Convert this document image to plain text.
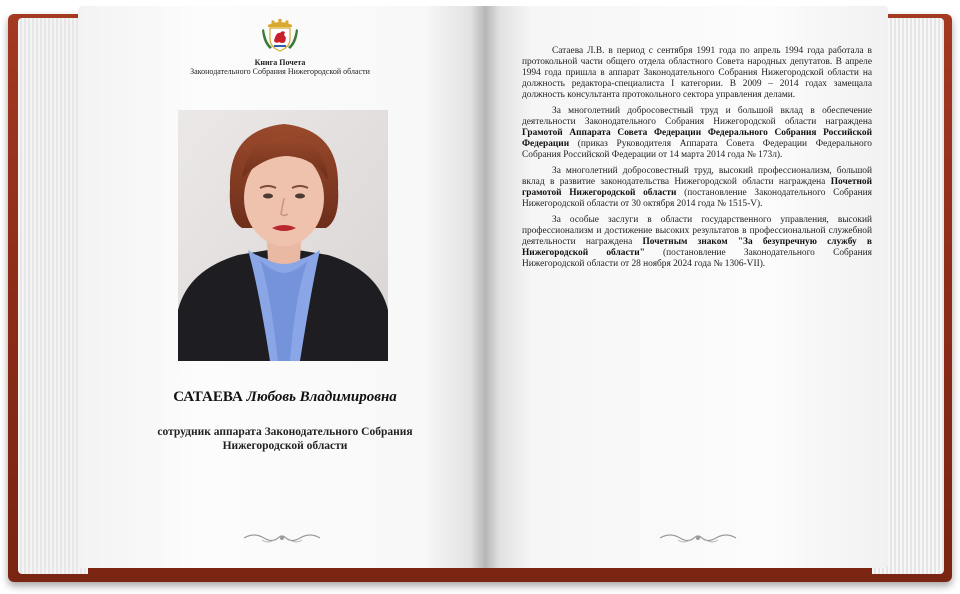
Книга Почета
Законодательного Собрания Нижегородской области
САТАЕВА Любовь Владимировна
сотрудник аппарата Законодательного Собрания Нижегородской области

Сатаева Л.В. в период с сентября 1991 года по апрель 1994 года работала в протокольной части общего отдела областного Совета народных депутатов. В апреле 1994 года пришла в аппарат Законодательного Собрания Нижегородской области на должность редактора-специалиста I категории. В 2009 – 2014 годах замещала должность консультанта протокольного сектора управления делами.

За многолетний добросовестный труд и большой вклад в обеспечение деятельности Законодательного Собрания Нижегородской области награждена Грамотой Аппарата Совета Федерации Федерального Собрания Российской Федерации (приказ Руководителя Аппарата Совета Федерации Федерального Собрания Российской Федерации от 14 марта 2014 года № 173л).

За многолетний добросовестный труд, высокий профессионализм, большой вклад в развитие законодательства Нижегородской области награждена Почетной грамотой Нижегородской области (постановление Законодательного Собрания Нижегородской области от 30 октября 2014 года № 1515-V).

За особые заслуги в области государственного управления, высокий профессионализм и достижение высоких результатов в профессиональной служебной деятельности награждена Почетным знаком "За безупречную службу в Нижегородской области" (постановление Законодательного Собрания Нижегородской области от 28 ноября 2024 года № 1306-VII).
